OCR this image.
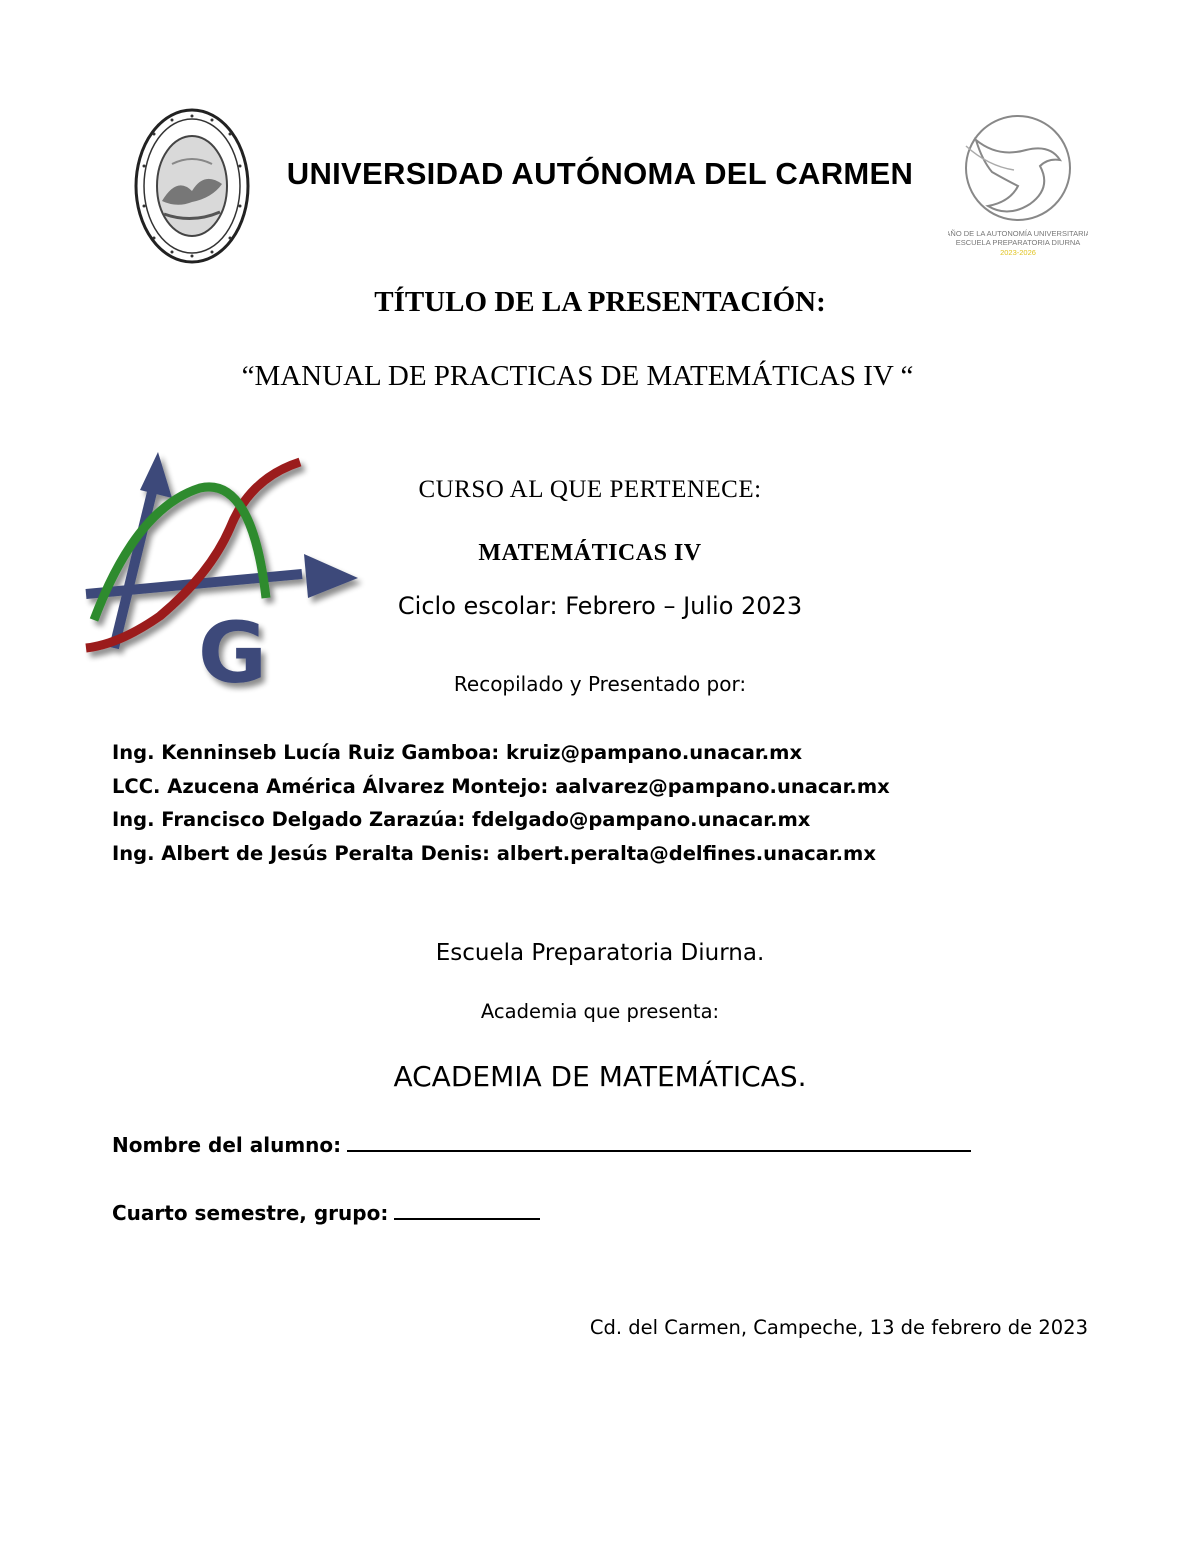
UNIVERSIDAD AUTÓNOMA DEL CARMEN
AÑO DE LA AUTONOMÍA UNIVERSITARIA
ESCUELA PREPARATORIA DIURNA
2023-2026
TÍTULO DE LA PRESENTACIÓN:
“MANUAL DE PRACTICAS DE MATEMÁTICAS IV “
G
CURSO AL QUE PERTENECE:
MATEMÁTICAS IV
Ciclo escolar: Febrero – Julio 2023
Recopilado y Presentado por:
Ing. Kenninseb Lucía Ruiz Gamboa: kruiz@pampano.unacar.mx
LCC. Azucena América Álvarez Montejo: aalvarez@pampano.unacar.mx
Ing. Francisco Delgado Zarazúa: fdelgado@pampano.unacar.mx
Ing. Albert de Jesús Peralta Denis: albert.peralta@delfines.unacar.mx
Escuela Preparatoria Diurna.
Academia que presenta:
ACADEMIA DE MATEMÁTICAS.
Nombre del alumno:
Cuarto semestre, grupo:
Cd. del Carmen, Campeche, 13 de febrero de 2023
